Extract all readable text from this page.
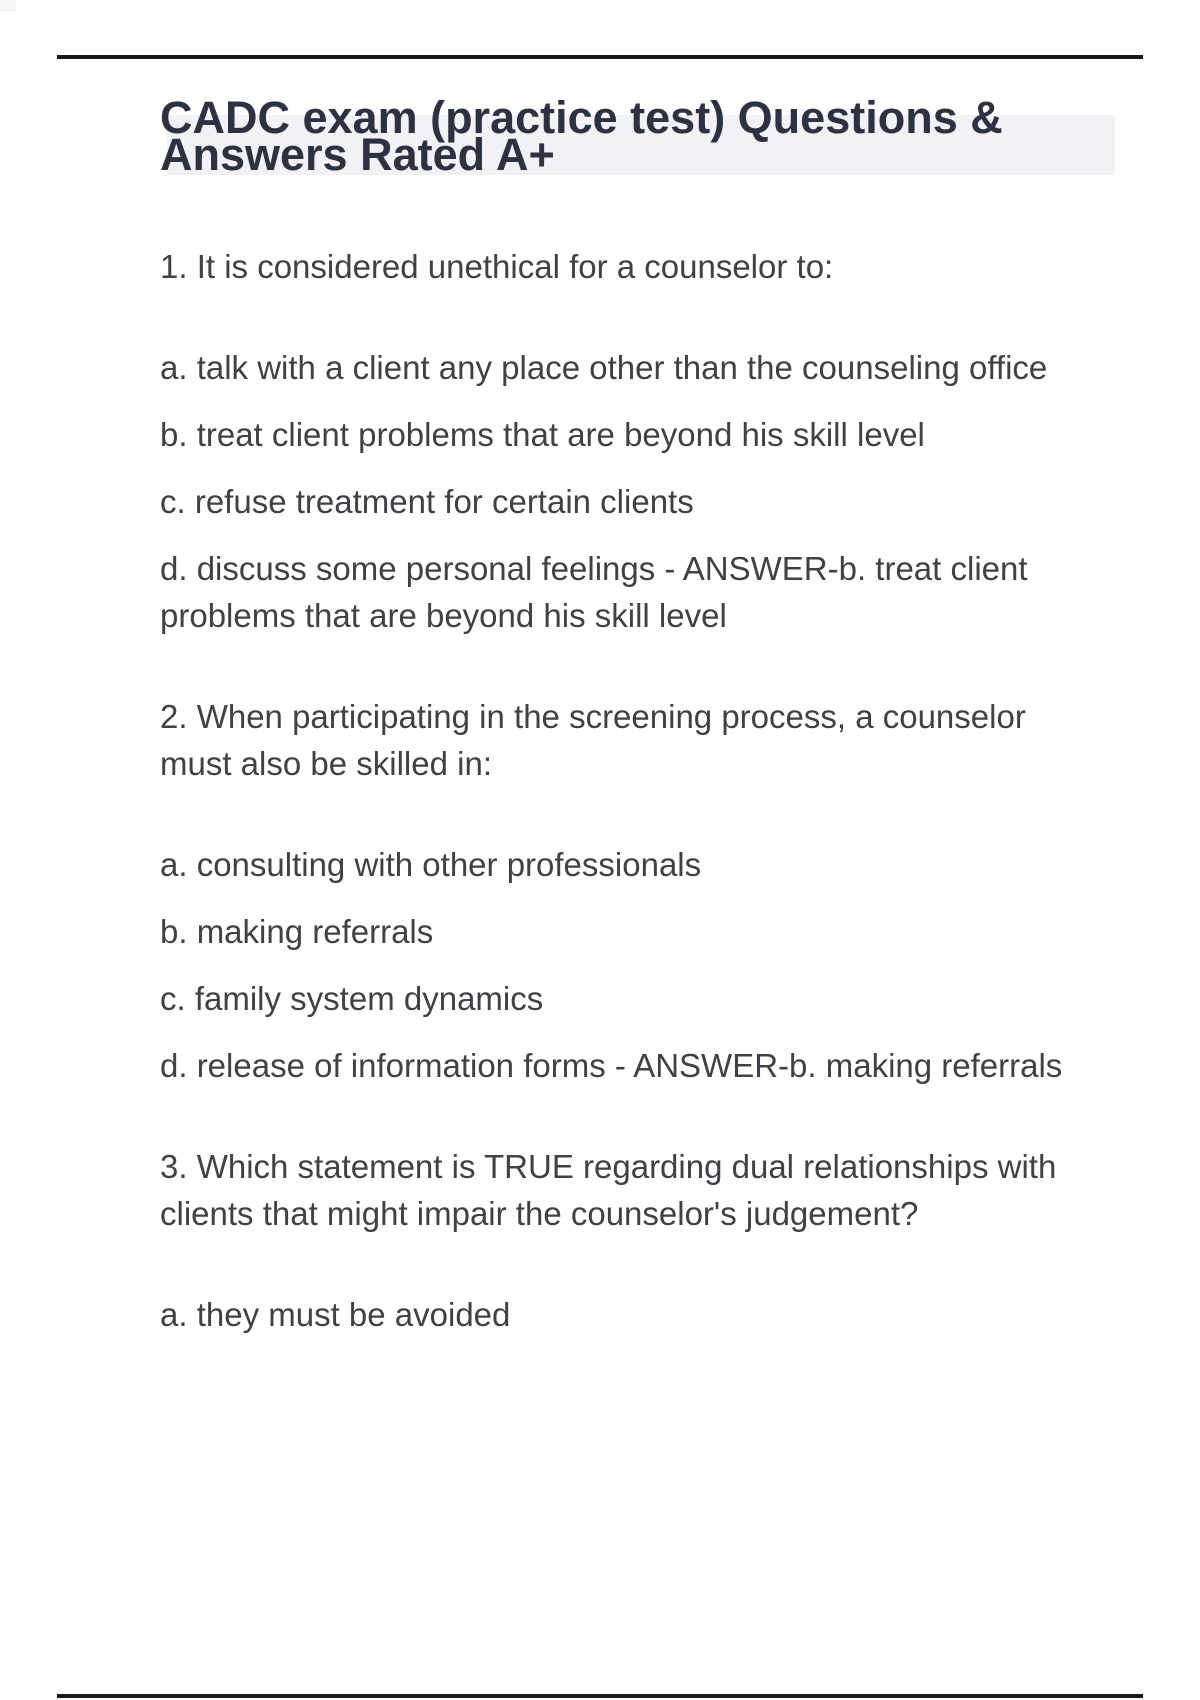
CADC exam (practice test) Questions & Answers Rated A+

1. It is considered unethical for a counselor to:

a. talk with a client any place other than the counseling office

b. treat client problems that are beyond his skill level

c. refuse treatment for certain clients

d. discuss some personal feelings - ANSWER-b. treat client problems that are beyond his skill level

2. When participating in the screening process, a counselor must also be skilled in:

a. consulting with other professionals

b. making referrals

c. family system dynamics

d. release of information forms - ANSWER-b. making referrals

3. Which statement is TRUE regarding dual relationships with clients that might impair the counselor's judgement?

a. they must be avoided
